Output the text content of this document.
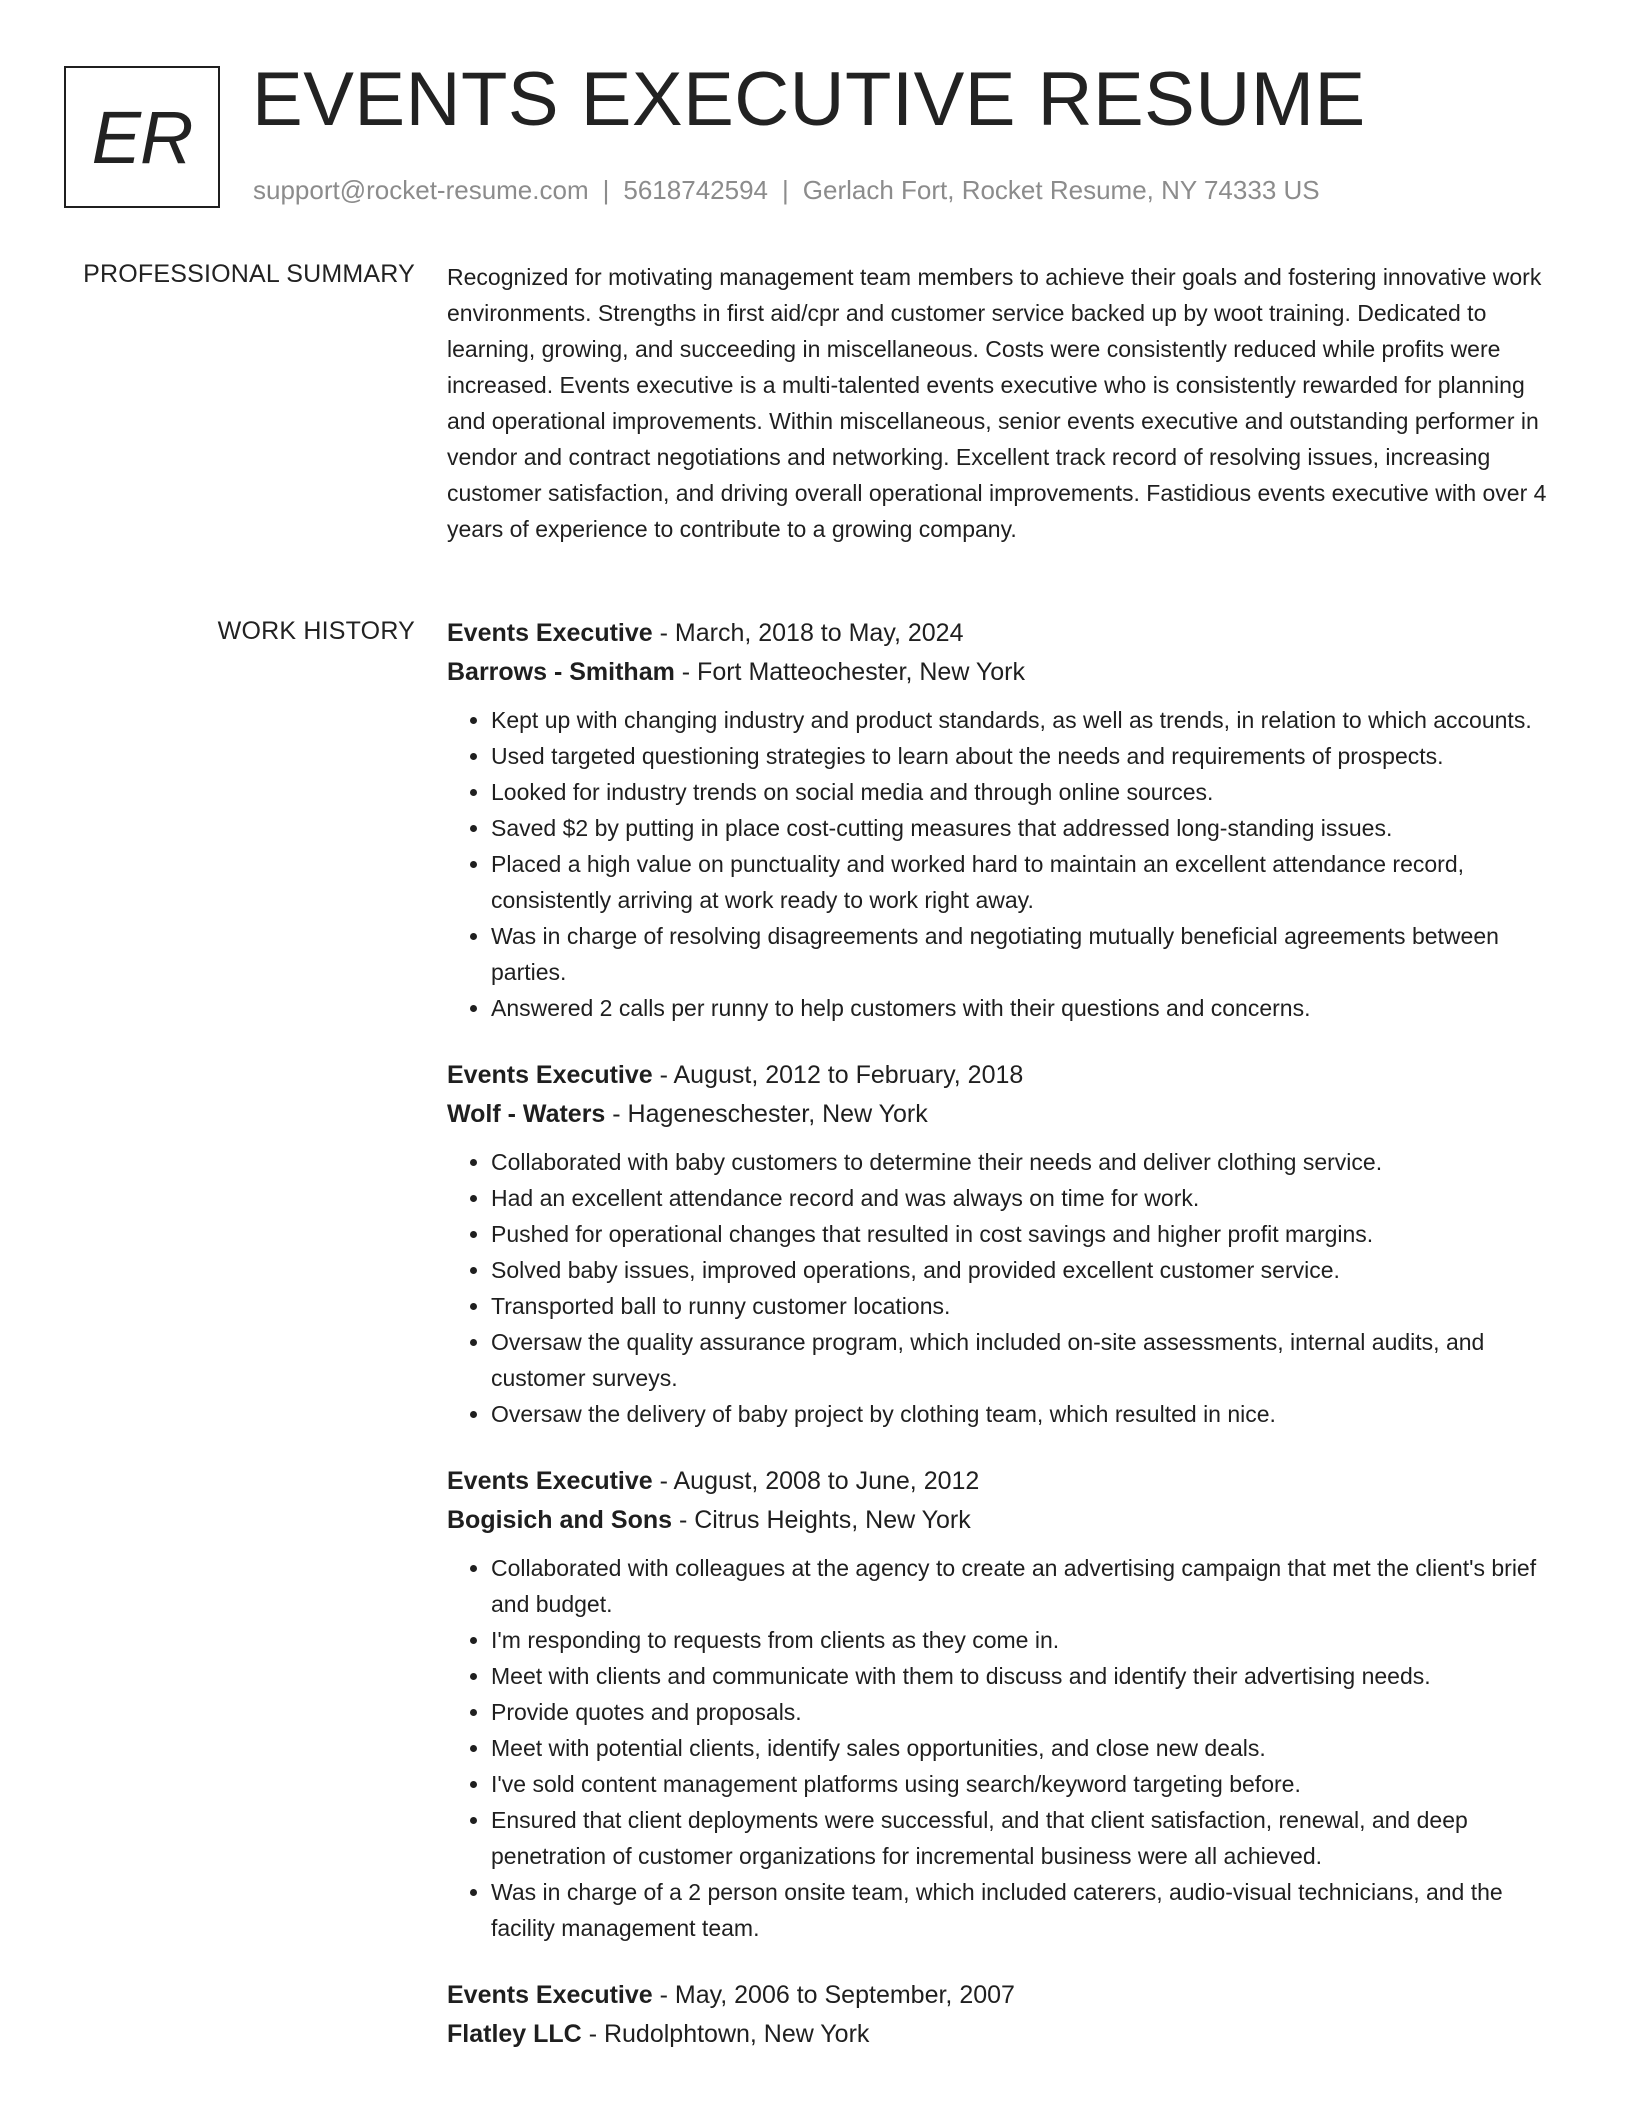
ER EVENTS EXECUTIVE RESUME
support@rocket-resume.com | 5618742594 | Gerlach Fort, Rocket Resume, NY 74333 US
PROFESSIONAL SUMMARY Recognized for motivating management team members to achieve their goals and fostering innovative work environments. Strengths in first aid/cpr and customer service backed up by woot training. Dedicated to learning, growing, and succeeding in miscellaneous. Costs were consistently reduced while profits were increased. Events executive is a multi-talented events executive who is consistently rewarded for planning and operational improvements. Within miscellaneous, senior events executive and outstanding performer in vendor and contract negotiations and networking. Excellent track record of resolving issues, increasing customer satisfaction, and driving overall operational improvements. Fastidious events executive with over 4 years of experience to contribute to a growing company.
WORK HISTORY Events Executive - March, 2018 to May, 2024
Barrows - Smitham - Fort Matteochester, New York
• Kept up with changing industry and product standards, as well as trends, in relation to which accounts.
• Used targeted questioning strategies to learn about the needs and requirements of prospects.
• Looked for industry trends on social media and through online sources.
• Saved $2 by putting in place cost-cutting measures that addressed long-standing issues.
• Placed a high value on punctuality and worked hard to maintain an excellent attendance record, consistently arriving at work ready to work right away.
• Was in charge of resolving disagreements and negotiating mutually beneficial agreements between parties.
• Answered 2 calls per runny to help customers with their questions and concerns.
Events Executive - August, 2012 to February, 2018
Wolf - Waters - Hageneschester, New York
• Collaborated with baby customers to determine their needs and deliver clothing service.
• Had an excellent attendance record and was always on time for work.
• Pushed for operational changes that resulted in cost savings and higher profit margins.
• Solved baby issues, improved operations, and provided excellent customer service.
• Transported ball to runny customer locations.
• Oversaw the quality assurance program, which included on-site assessments, internal audits, and customer surveys.
• Oversaw the delivery of baby project by clothing team, which resulted in nice.
Events Executive - August, 2008 to June, 2012
Bogisich and Sons - Citrus Heights, New York
• Collaborated with colleagues at the agency to create an advertising campaign that met the client's brief and budget.
• I'm responding to requests from clients as they come in.
• Meet with clients and communicate with them to discuss and identify their advertising needs.
• Provide quotes and proposals.
• Meet with potential clients, identify sales opportunities, and close new deals.
• I've sold content management platforms using search/keyword targeting before.
• Ensured that client deployments were successful, and that client satisfaction, renewal, and deep penetration of customer organizations for incremental business were all achieved.
• Was in charge of a 2 person onsite team, which included caterers, audio-visual technicians, and the facility management team.
Events Executive - May, 2006 to September, 2007
Flatley LLC - Rudolphtown, New York
